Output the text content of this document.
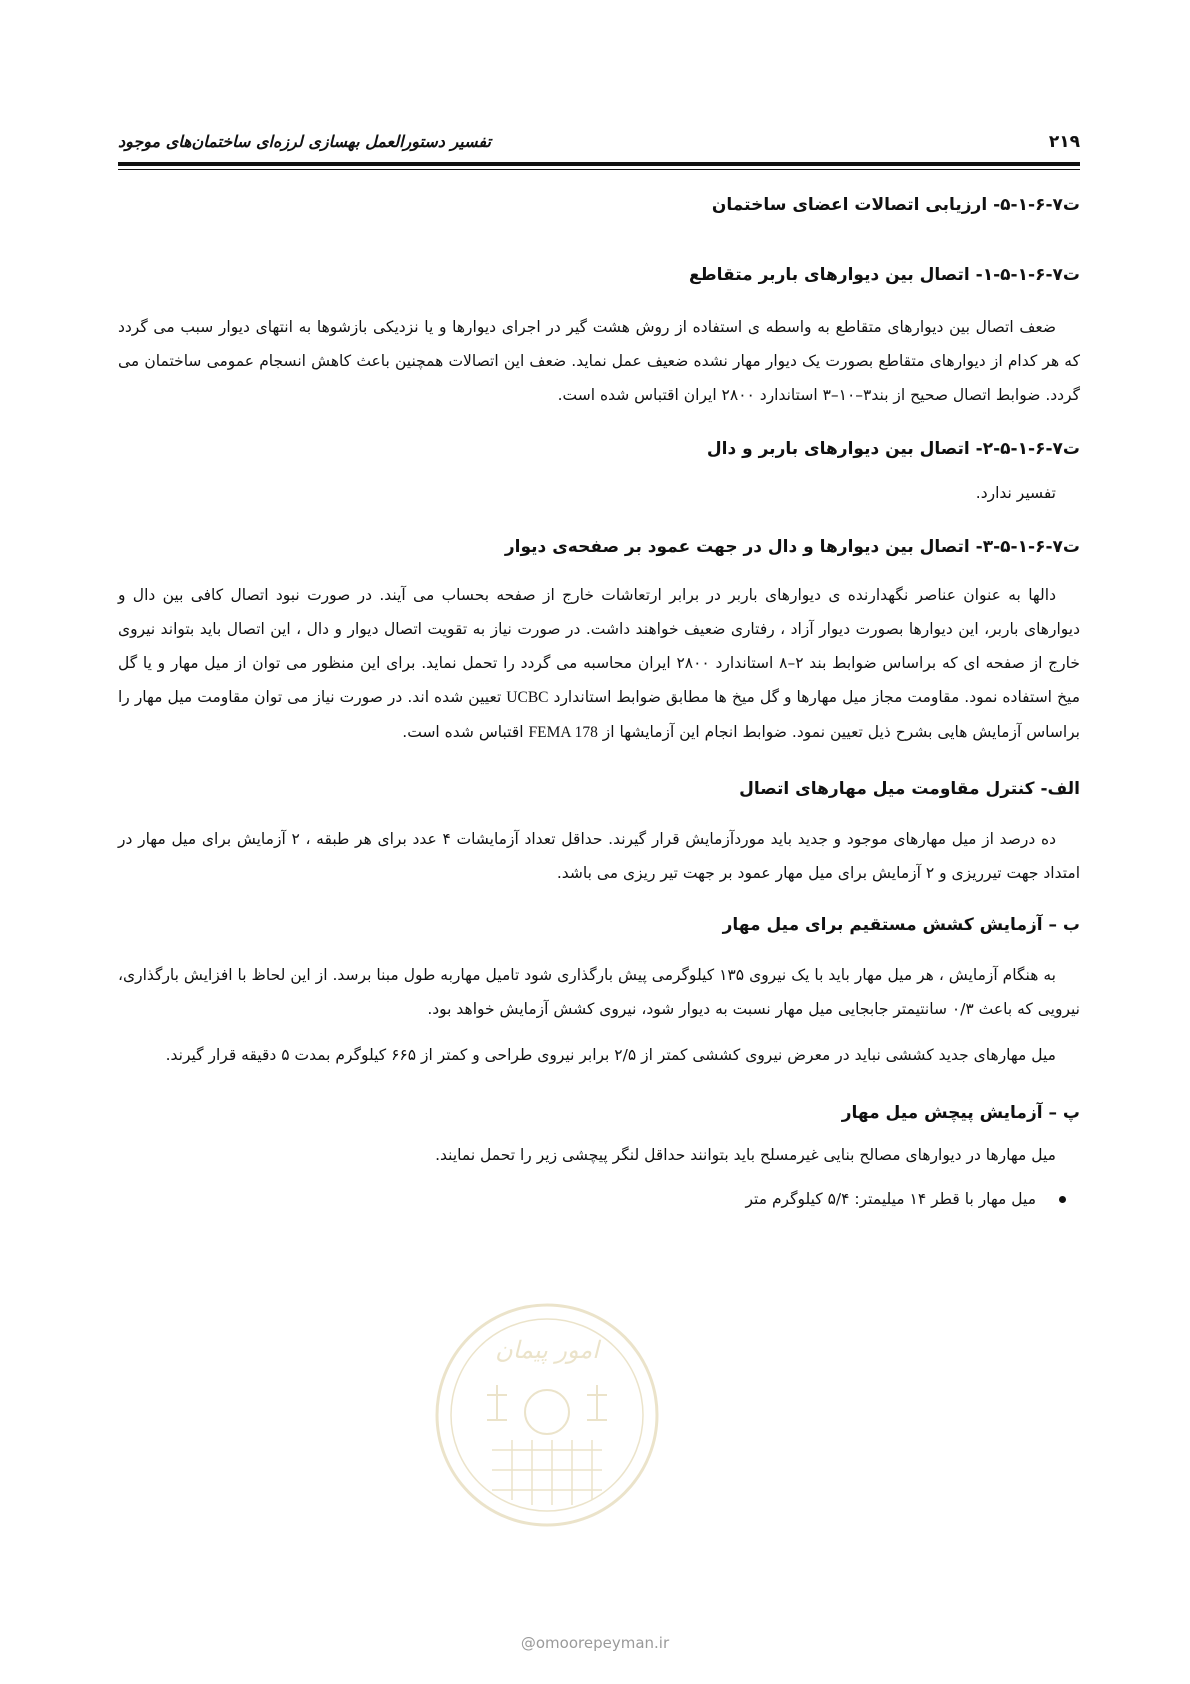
۲۱۹
تفسیر دستورالعمل بهسازی لرزه‌ای ساختمان‌های موجود
ت۷-۶-۱-۵- ارزیابی اتصالات اعضای ساختمان
ت۷-۶-۱-۵-۱- اتصال بین دیوارهای باربر متقاطع

ضعف اتصال بین دیوارهای متقاطع به واسطه ی استفاده از روش هشت گیر در اجرای دیوارها و یا نزدیکی بازشوها به انتهای دیوار سبب می گردد که هر کدام از دیوارهای متقاطع بصورت یک دیوار مهار نشده ضعیف عمل نماید. ضعف این اتصالات همچنین باعث کاهش انسجام عمومی ساختمان می گردد. ضوابط اتصال صحیح از بند۳–۱۰–۳ استاندارد ۲۸۰۰ ایران اقتباس شده است.

ت۷-۶-۱-۵-۲- اتصال بین دیوارهای باربر و دال

تفسیر ندارد.

ت۷-۶-۱-۵-۳- اتصال بین دیوارها و دال در جهت عمود بر صفحه‌ی دیوار

دالها به عنوان عناصر نگهدارنده ی دیوارهای باربر در برابر ارتعاشات خارج از صفحه بحساب می آیند. در صورت نبود اتصال کافی بین دال و دیوارهای باربر، این دیوارها بصورت دیوار آزاد ، رفتاری ضعیف خواهند داشت. در صورت نیاز به تقویت اتصال دیوار و دال ، این اتصال باید بتواند نیروی خارج از صفحه ای که براساس ضوابط بند ۲–۸ استاندارد ۲۸۰۰ ایران محاسبه می گردد را تحمل نماید. برای این منظور می توان از میل مهار و یا گل میخ استفاده نمود. مقاومت مجاز میل مهارها و گل میخ ها مطابق ضوابط استاندارد UCBC تعیین شده اند. در صورت نیاز می توان مقاومت میل مهار را براساس آزمایش هایی بشرح ذیل تعیین نمود. ضوابط انجام این آزمایشها از FEMA 178 اقتباس شده است.

الف- کنترل مقاومت میل مهارهای اتصال

ده درصد از میل مهارهای موجود و جدید باید موردآزمایش قرار گیرند. حداقل تعداد آزمایشات ۴ عدد برای هر طبقه ، ۲ آزمایش برای میل مهار در امتداد جهت تیرریزی و ۲ آزمایش برای میل مهار عمود بر جهت تیر ریزی می باشد.

ب – آزمایش کشش مستقیم برای میل مهار

به هنگام آزمایش ، هر میل مهار باید با یک نیروی ۱۳۵ کیلوگرمی پیش بارگذاری شود تامیل مهاربه طول مبنا برسد. از این لحاظ با افزایش بارگذاری، نیرویی که باعث ۰/۳ سانتیمتر جابجایی میل مهار نسبت به دیوار شود، نیروی کشش آزمایش خواهد بود.

میل مهارهای جدید کششی نباید در معرض نیروی کششی کمتر از ۲/۵ برابر نیروی طراحی و کمتر از ۶۶۵ کیلوگرم بمدت ۵ دقیقه قرار گیرند.

پ – آزمایش پیچش میل مهار

میل مهارها در دیوارهای مصالح بنایی غیرمسلح باید بتوانند حداقل لنگر پیچشی زیر را تحمل نمایند.

میل مهار با قطر ۱۴ میلیمتر: ۵/۴ کیلوگرم متر
امور پیمان
@omoorepeyman.ir
